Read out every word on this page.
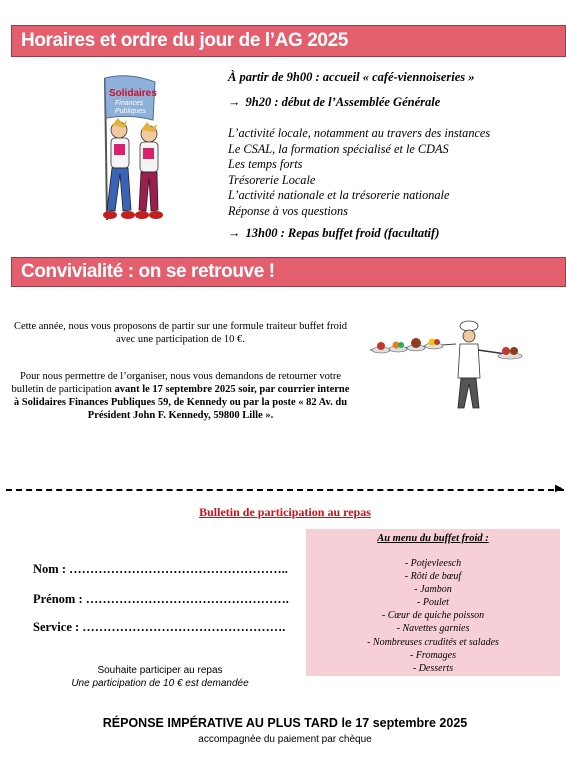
Horaires et ordre du jour de l’AG 2025
Solidaires
Finances
Publiques
À partir de 9h00 : accueil « café-viennoiseries »
→ 9h20 : début de l’Assemblée Générale
L’activité locale, notamment au travers des instances
Le CSAL, la formation spécialisé et le CDAS
Les temps forts
Trésorerie Locale
L’activité nationale et la trésorerie nationale
Réponse à vos questions
→ 13h00 : Repas buffet froid (facultatif)
Convivialité : on se retrouve !

Cette année, nous vous proposons de partir sur une formule traiteur buffet froid avec une participation de 10 €.

Pour nous permettre de l’organiser, nous vous demandons de retourner votre bulletin de participation avant le 17 septembre 2025 soir, par courrier interne à Solidaires Finances Publiques 59, de Kennedy ou par la poste « 82 Av. du Président John F. Kennedy, 59800 Lille ».

▶
Bulletin de participation au repas
Nom : ……………………………………………..
Prénom : ………………………………………….
Service : ………………………………………….
Souhaite participer au repas
Une participation de 10 € est demandée
Au menu du buffet froid :
- Potjevleesch
- Rôti de bœuf
- Jambon
- Poulet
- Cœur de quiche poisson
- Navettes garnies
- Nombreuses crudités et salades
- Fromages
- Desserts
RÉPONSE IMPÉRATIVE AU PLUS TARD le 17 septembre 2025
accompagnée du paiement par chèque
